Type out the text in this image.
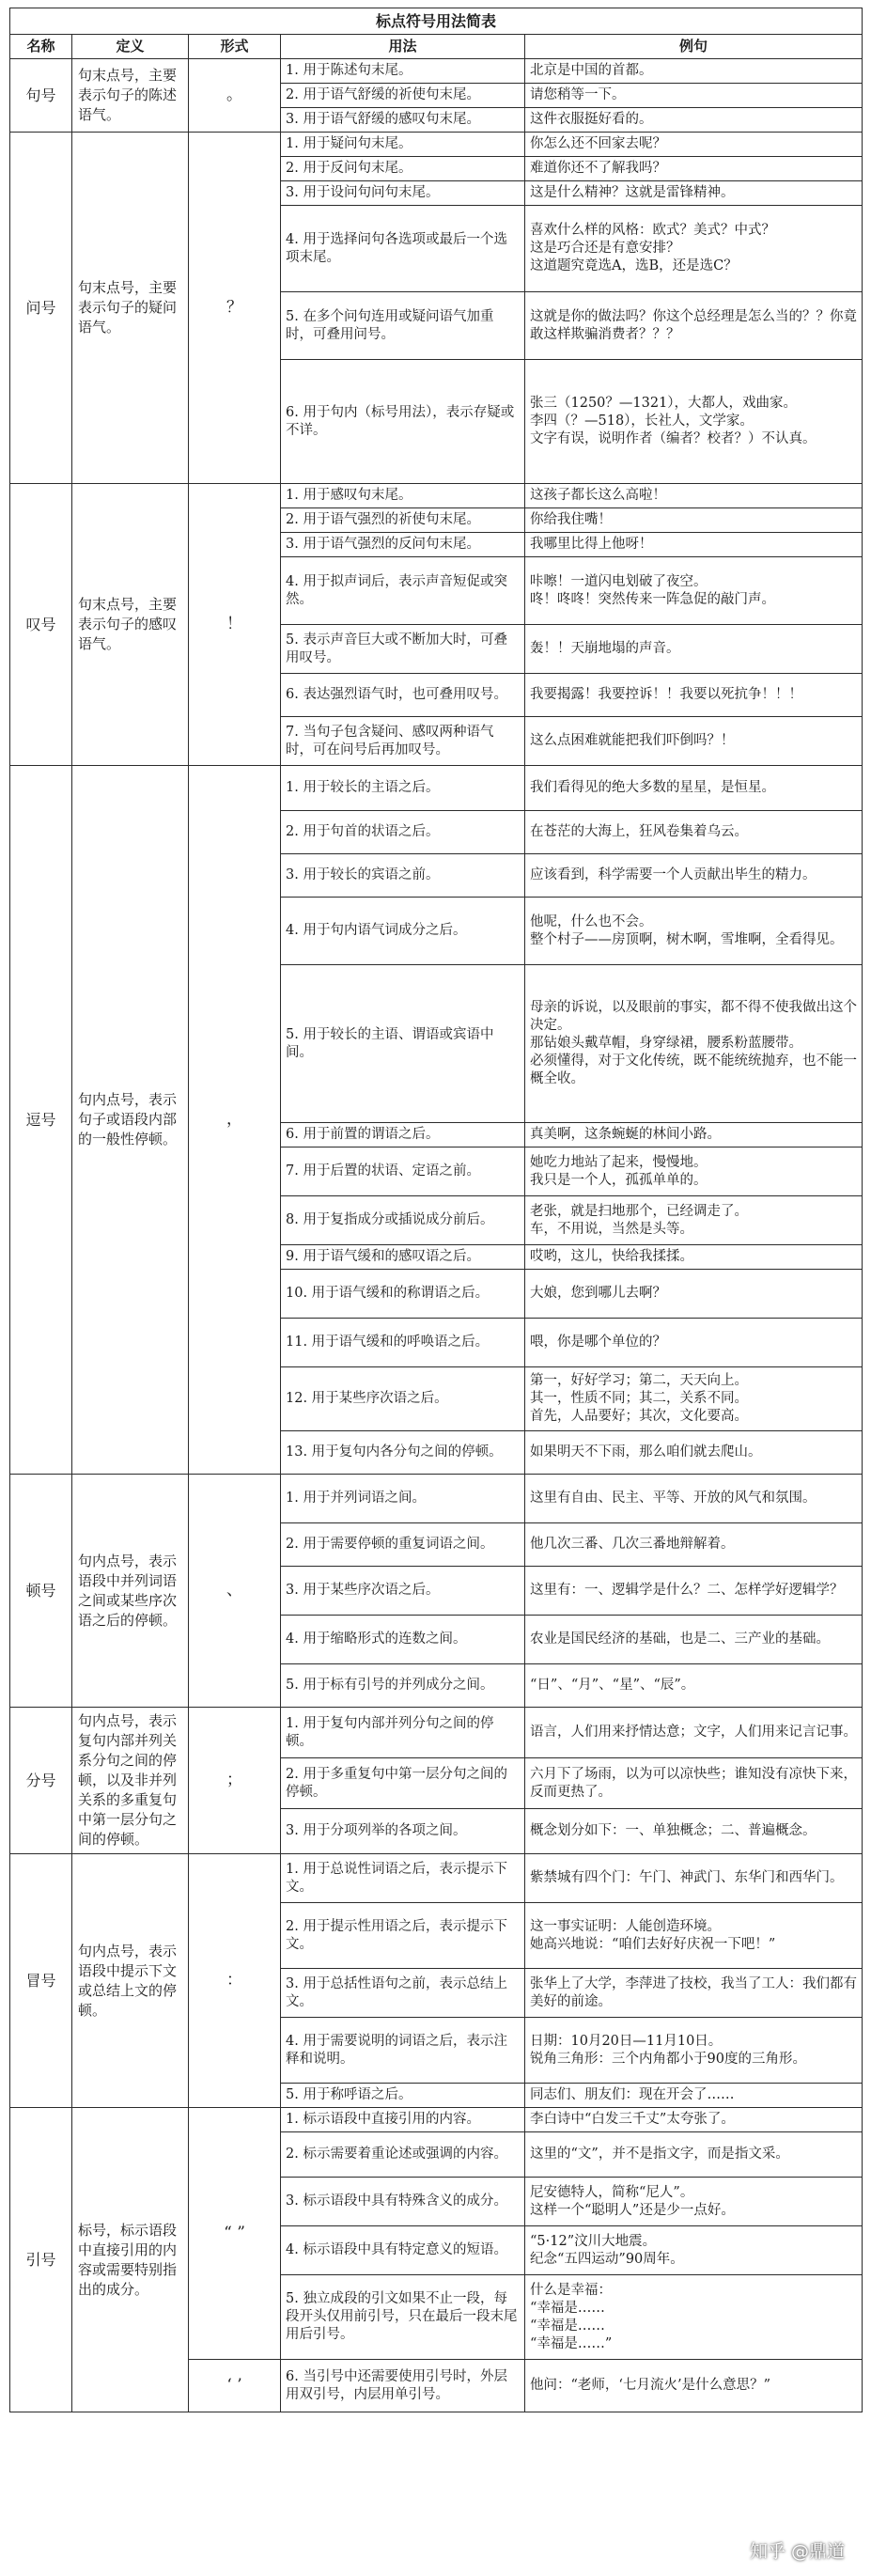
标点符号用法简表				
名称	定义	形式	用法	例句
句号	句末点号，主要表示句子的陈述语气。	。	1. 用于陈述句末尾。	北京是中国的首都。
			2. 用于语气舒缓的祈使句末尾。	请您稍等一下。
			3. 用于语气舒缓的感叹句末尾。	这件衣服挺好看的。
问号	句末点号，主要表示句子的疑问语气。	？	1. 用于疑问句末尾。	你怎么还不回家去呢？
			2. 用于反问句末尾。	难道你还不了解我吗？
			3. 用于设问句问句末尾。	这是什么精神？这就是雷锋精神。
			4. 用于选择问句各选项或最后一个选项末尾。	喜欢什么样的风格：欧式？美式？中式？
这是巧合还是有意安排？
这道题究竟选A，选B，还是选C？
			5. 在多个问句连用或疑问语气加重时，可叠用问号。	这就是你的做法吗？你这个总经理是怎么当的？？你竟敢这样欺骗消费者？？？
			6. 用于句内（标号用法），表示存疑或不详。	张三（1250？—1321），大都人，戏曲家。
李四（？—518），长社人，文学家。
文字有误，说明作者（编者？校者？）不认真。
叹号	句末点号，主要表示句子的感叹语气。	！	1. 用于感叹句末尾。	这孩子都长这么高啦！
			2. 用于语气强烈的祈使句末尾。	你给我住嘴！
			3. 用于语气强烈的反问句末尾。	我哪里比得上他呀！
			4. 用于拟声词后，表示声音短促或突然。	咔嚓！一道闪电划破了夜空。
咚！咚咚！突然传来一阵急促的敲门声。
			5. 表示声音巨大或不断加大时，可叠用叹号。	轰！！天崩地塌的声音。
			6. 表达强烈语气时，也可叠用叹号。	我要揭露！我要控诉！！我要以死抗争！！！
			7. 当句子包含疑问、感叹两种语气时，可在问号后再加叹号。	这么点困难就能把我们吓倒吗？！
逗号	句内点号，表示句子或语段内部的一般性停顿。	，	1. 用于较长的主语之后。	我们看得见的绝大多数的星星，是恒星。
			2. 用于句首的状语之后。	在苍茫的大海上，狂风卷集着乌云。
			3. 用于较长的宾语之前。	应该看到，科学需要一个人贡献出毕生的精力。
			4. 用于句内语气词成分之后。	他呢，什么也不会。
整个村子——房顶啊，树木啊，雪堆啊，全看得见。
			5. 用于较长的主语、谓语或宾语中间。	母亲的诉说，以及眼前的事实，都不得不使我做出这个决定。
那钻娘头戴草帽，身穿绿裙，腰系粉蓝腰带。
必须懂得，对于文化传统，既不能统统抛弃，也不能一概全收。
			6. 用于前置的谓语之后。	真美啊，这条蜿蜒的林间小路。
			7. 用于后置的状语、定语之前。	她吃力地站了起来，慢慢地。
我只是一个人，孤孤单单的。
			8. 用于复指成分或插说成分前后。	老张，就是扫地那个，已经调走了。
车，不用说，当然是头等。
			9. 用于语气缓和的感叹语之后。	哎哟，这儿，快给我揉揉。
			10. 用于语气缓和的称谓语之后。	大娘，您到哪儿去啊？
			11. 用于语气缓和的呼唤语之后。	喂，你是哪个单位的？
			12. 用于某些序次语之后。	第一，好好学习；第二，天天向上。
其一，性质不同；其二，关系不同。
首先，人品要好；其次，文化要高。
			13. 用于复句内各分句之间的停顿。	如果明天不下雨，那么咱们就去爬山。
顿号	句内点号，表示语段中并列词语之间或某些序次语之后的停顿。	、	1. 用于并列词语之间。	这里有自由、民主、平等、开放的风气和氛围。
			2. 用于需要停顿的重复词语之间。	他几次三番、几次三番地辩解着。
			3. 用于某些序次语之后。	这里有：一、逻辑学是什么？二、怎样学好逻辑学？
			4. 用于缩略形式的连数之间。	农业是国民经济的基础，也是二、三产业的基础。
			5. 用于标有引号的并列成分之间。	“日”、“月”、“星”、“辰”。
分号	句内点号，表示复句内部并列关系分句之间的停顿，以及非并列关系的多重复句中第一层分句之间的停顿。	；	1. 用于复句内部并列分句之间的停顿。	语言，人们用来抒情达意；文字，人们用来记言记事。
			2. 用于多重复句中第一层分句之间的停顿。	六月下了场雨，以为可以凉快些；谁知没有凉快下来，反而更热了。
			3. 用于分项列举的各项之间。	概念划分如下：一、单独概念；二、普遍概念。
冒号	句内点号，表示语段中提示下文或总结上文的停顿。	：	1. 用于总说性词语之后，表示提示下文。	紫禁城有四个门：午门、神武门、东华门和西华门。
			2. 用于提示性用语之后，表示提示下文。	这一事实证明：人能创造环境。
她高兴地说：“咱们去好好庆祝一下吧！”
			3. 用于总括性语句之前，表示总结上文。	张华上了大学，李萍进了技校，我当了工人：我们都有美好的前途。
			4. 用于需要说明的词语之后，表示注释和说明。	日期：10月20日—11月10日。
锐角三角形：三个内角都小于90度的三角形。
			5. 用于称呼语之后。	同志们、朋友们：现在开会了……
引号	标号，标示语段中直接引用的内容或需要特别指出的成分。	“ ”	1. 标示语段中直接引用的内容。	李白诗中“白发三千丈”太夸张了。
			2. 标示需要着重论述或强调的内容。	这里的“文”，并不是指文字，而是指文采。
			3. 标示语段中具有特殊含义的成分。	尼安德特人，简称“尼人”。
这样一个“聪明人”还是少一点好。
			4. 标示语段中具有特定意义的短语。	“5·12”汶川大地震。
纪念“五四运动”90周年。
			5. 独立成段的引文如果不止一段，每段开头仅用前引号，只在最后一段末尾用后引号。	什么是幸福：
“幸福是……
“幸福是……
“幸福是……”
		‘ ’	6. 当引号中还需要使用引号时，外层用双引号，内层用单引号。	他问：“老师，‘七月流火’是什么意思？”
知乎 @鼎道
